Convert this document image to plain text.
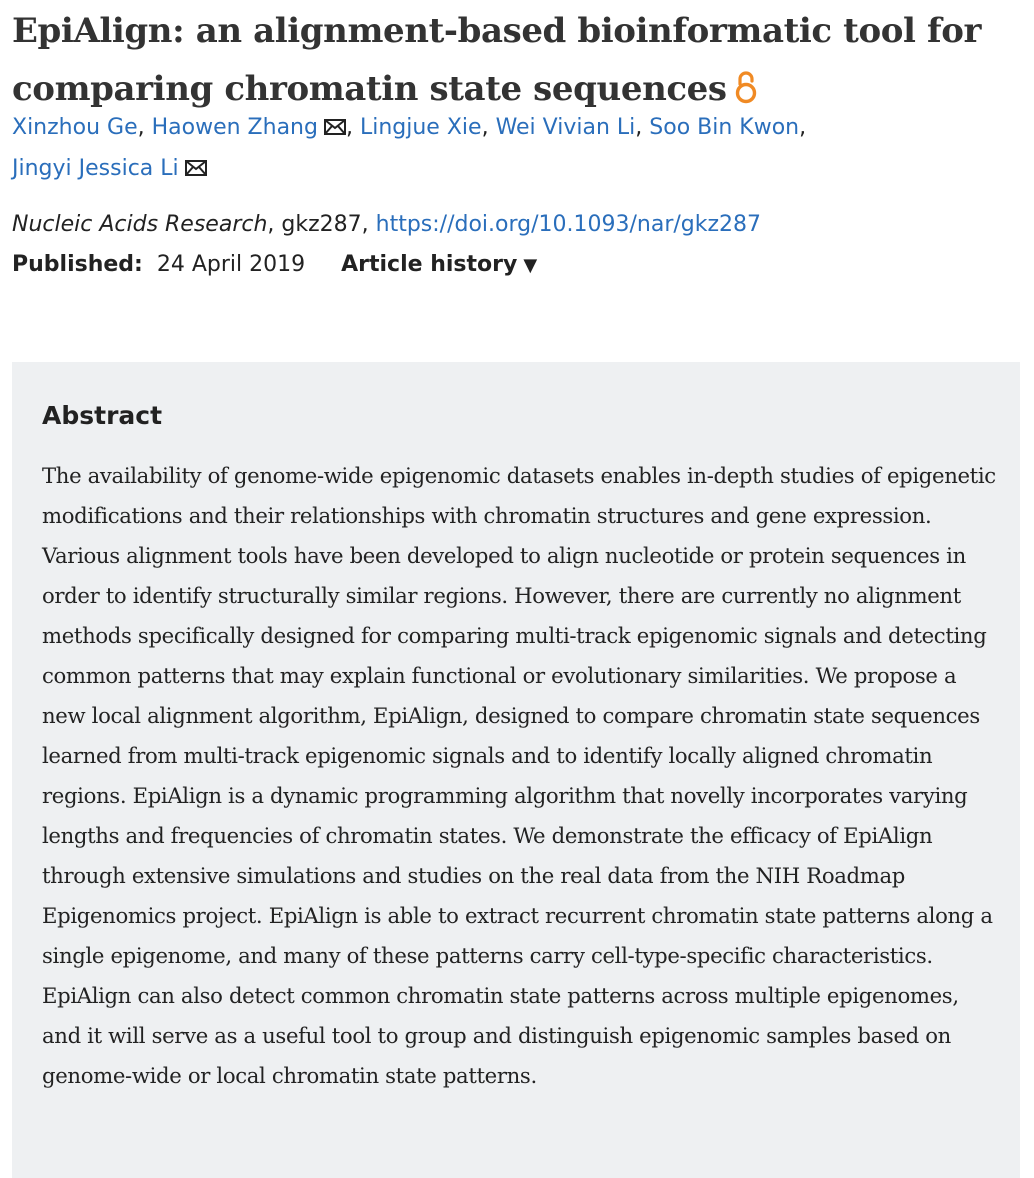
EpiAlign: an alignment-based bioinformatic tool for comparing chromatin state sequences
Xinzhou Ge, Haowen Zhang , Lingjue Xie, Wei Vivian Li, Soo Bin Kwon,
Jingyi Jessica Li
Nucleic Acids Research, gkz287, https://doi.org/10.1093/nar/gkz287
Published: 24 April 2019 Article history ▼
Abstract

The availability of genome-wide epigenomic datasets enables in-depth studies of epigenetic modifications and their relationships with chromatin structures and gene expression. Various alignment tools have been developed to align nucleotide or protein sequences in order to identify structurally similar regions. However, there are currently no alignment methods specifically designed for comparing multi-track epigenomic signals and detecting common patterns that may explain functional or evolutionary similarities. We propose a new local alignment algorithm, EpiAlign, designed to compare chromatin state sequences learned from multi-track epigenomic signals and to identify locally aligned chromatin regions. EpiAlign is a dynamic programming algorithm that novelly incorporates varying lengths and frequencies of chromatin states. We demonstrate the efficacy of EpiAlign through extensive simulations and studies on the real data from the NIH Roadmap Epigenomics project. EpiAlign is able to extract recurrent chromatin state patterns along a single epigenome, and many of these patterns carry cell-type-specific characteristics. EpiAlign can also detect common chromatin state patterns across multiple epigenomes, and it will serve as a useful tool to group and distinguish epigenomic samples based on genome-wide or local chromatin state patterns.
